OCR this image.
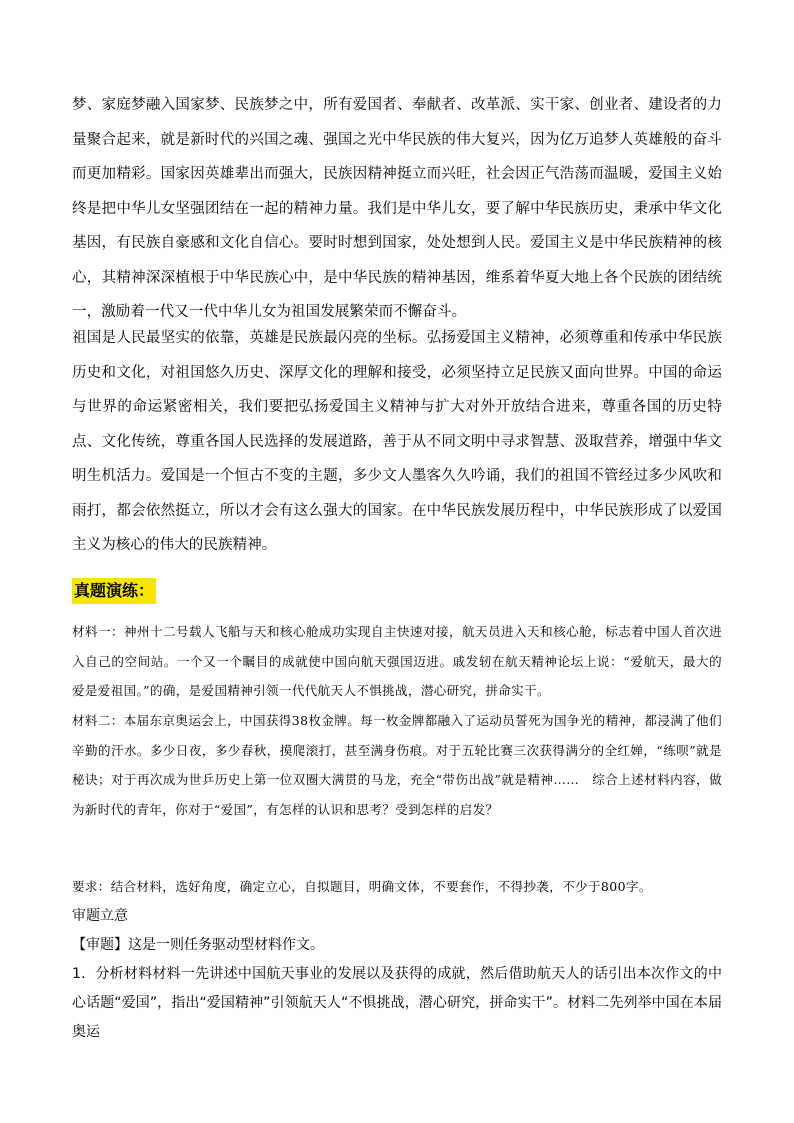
梦、家庭梦融入国家梦、民族梦之中，所有爱国者、奉献者、改革派、实干家、创业者、建设者的力量聚合起来，就是新时代的兴国之魂、强国之光中华民族的伟大复兴，因为亿万追梦人英雄般的奋斗而更加精彩。国家因英雄辈出而强大，民族因精神挺立而兴旺，社会因正气浩荡而温暖，爱国主义始终是把中华儿女坚强团结在一起的精神力量。我们是中华儿女，要了解中华民族历史，秉承中华文化基因，有民族自豪感和文化自信心。要时时想到国家，处处想到人民。爱国主义是中华民族精神的核心，其精神深深植根于中华民族心中，是中华民族的精神基因，维系着华夏大地上各个民族的团结统一，激励着一代又一代中华儿女为祖国发展繁荣而不懈奋斗。

祖国是人民最坚实的依靠，英雄是民族最闪亮的坐标。弘扬爱国主义精神，必须尊重和传承中华民族历史和文化，对祖国悠久历史、深厚文化的理解和接受，必须坚持立足民族又面向世界。中国的命运与世界的命运紧密相关，我们要把弘扬爱国主义精神与扩大对外开放结合进来，尊重各国的历史特点、文化传统，尊重各国人民选择的发展道路，善于从不同文明中寻求智慧、汲取营养，增强中华文明生机活力。爱国是一个恒古不变的主题，多少文人墨客久久吟诵，我们的祖国不管经过多少风吹和雨打，都会依然挺立，所以才会有这么强大的国家。在中华民族发展历程中，中华民族形成了以爱国主义为核心的伟大的民族精神。

真题演练：

材料一：神州十二号载人飞船与天和核心舱成功实现自主快速对接，航天员进入天和核心舱，标志着中国人首次进入自己的空间站。一个又一个瞩目的成就使中国向航天强国迈进。戚发轫在航天精神论坛上说：“爱航天，最大的爱是爱祖国。”的确，是爱国精神引领一代代航天人不惧挑战，潜心研究，拼命实干。

材料二：本届东京奥运会上，中国获得38枚金牌。每一枚金牌都融入了运动员誓死为国争光的精神，都浸满了他们辛勤的汗水。多少日夜，多少春秋，摸爬滚打，甚至满身伤痕。对于五轮比赛三次获得满分的全红婵，“练呗”就是秘诀；对于再次成为世乒历史上第一位双圈大满贯的马龙，充全“带伤出战”就是精神……　综合上述材料内容，做为新时代的青年，你对于“爱国”，有怎样的认识和思考？受到怎样的启发？

要求：结合材料，选好角度，确定立心，自拟题目，明确文体，不要套作，不得抄袭，不少于800字。

审题立意

【审题】这是一则任务驱动型材料作文。

1．分析材料材料一先讲述中国航天事业的发展以及获得的成就，然后借助航天人的话引出本次作文的中心话题“爱国”，指出“爱国精神”引领航天人“不惧挑战，潜心研究，拼命实干”。材料二先列举中国在本届奥运
